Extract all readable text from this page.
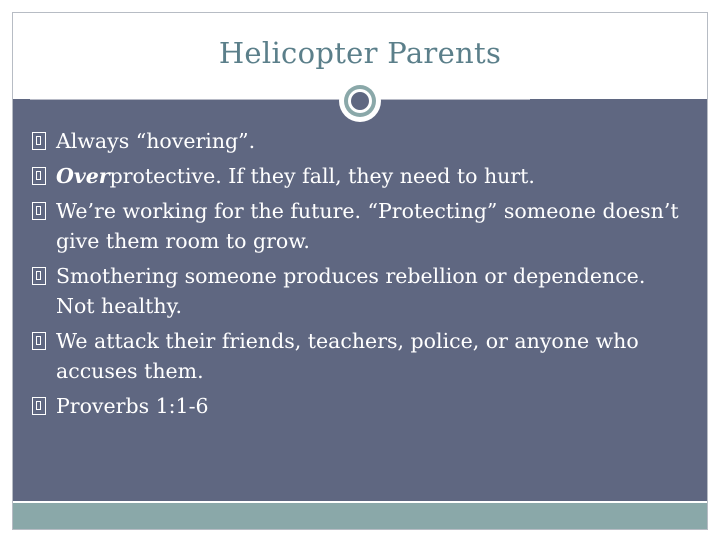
Helicopter Parents
Always “hovering”.
Overprotective. If they fall, they need to hurt.
We’re working for the future. “Protecting” someone doesn’t give them room to grow.
Smothering someone produces rebellion or dependence. Not healthy.
We attack their friends, teachers, police, or anyone who accuses them.
Proverbs 1:1-6
